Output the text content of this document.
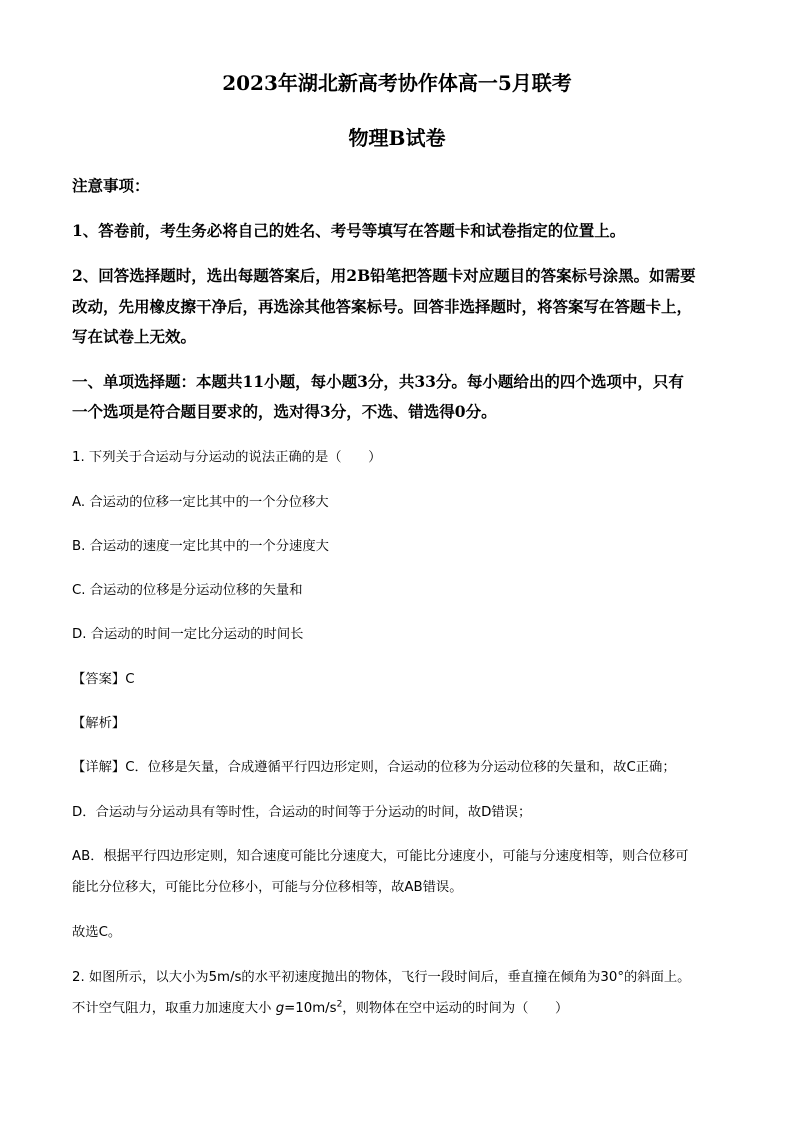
2023年湖北新高考协作体高一5月联考
物理B试卷
注意事项：
1、答卷前，考生务必将自己的姓名、考号等填写在答题卡和试卷指定的位置上。
2、回答选择题时，选出每题答案后，用2B铅笔把答题卡对应题目的答案标号涂黑。如需要
改动，先用橡皮擦干净后，再选涂其他答案标号。回答非选择题时，将答案写在答题卡上，
写在试卷上无效。
一、单项选择题：本题共11小题，每小题3分，共33分。每小题给出的四个选项中，只有
一个选项是符合题目要求的，选对得3分，不选、错选得0分。
1. 下列关于合运动与分运动的说法正确的是（　　）
A. 合运动的位移一定比其中的一个分位移大
B. 合运动的速度一定比其中的一个分速度大
C. 合运动的位移是分运动位移的矢量和
D. 合运动的时间一定比分运动的时间长
【答案】C
【解析】
【详解】C．位移是矢量，合成遵循平行四边形定则，合运动的位移为分运动位移的矢量和，故C正确；
D．合运动与分运动具有等时性，合运动的时间等于分运动的时间，故D错误；
AB．根据平行四边形定则，知合速度可能比分速度大，可能比分速度小，可能与分速度相等，则合位移可
能比分位移大，可能比分位移小，可能与分位移相等，故AB错误。
故选C。
2. 如图所示，以大小为5m/s的水平初速度抛出的物体，飞行一段时间后，垂直撞在倾角为30°的斜面上。
不计空气阻力，取重力加速度大小 $g=10m/s^2$，则物体在空中运动的时间为（　　）
